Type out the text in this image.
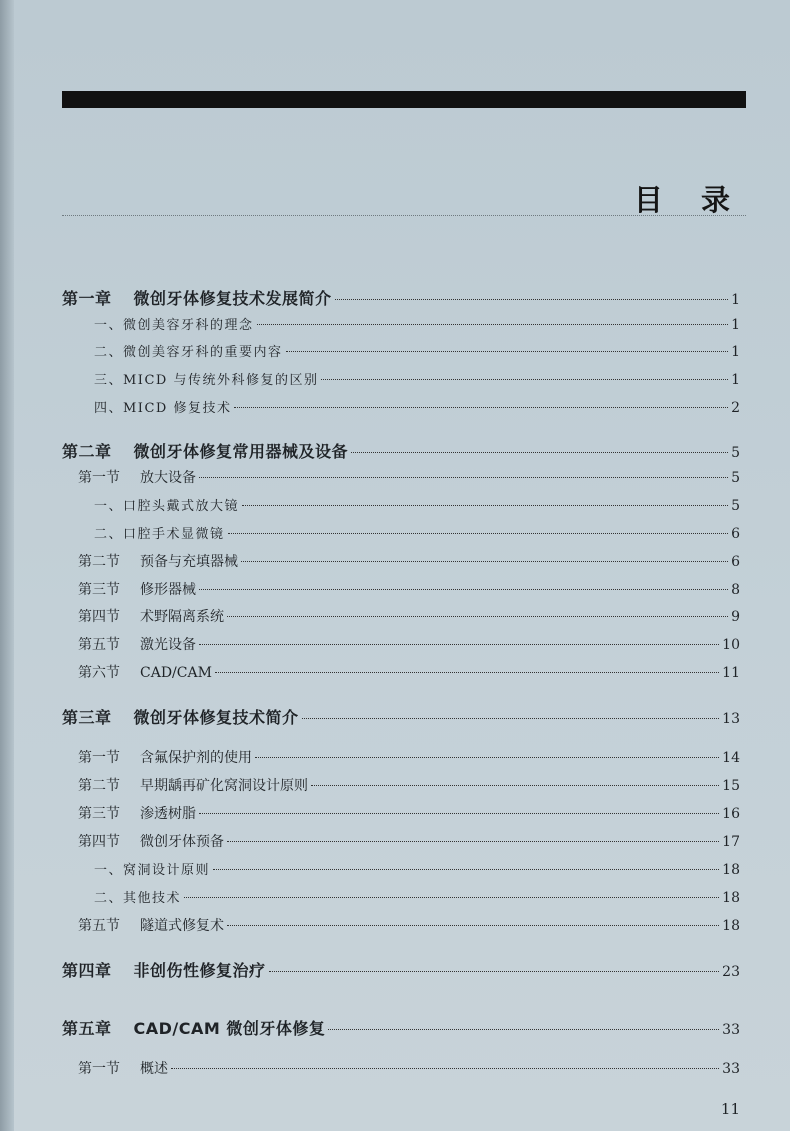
目 录
第一章 微创牙体修复技术发展简介	1
一、微创美容牙科的理念	1
二、微创美容牙科的重要内容	1
三、MICD 与传统外科修复的区别	1
四、MICD 修复技术	2
第二章 微创牙体修复常用器械及设备	5
第一节 放大设备	5
一、口腔头戴式放大镜	5
二、口腔手术显微镜	6
第二节 预备与充填器械	6
第三节 修形器械	8
第四节 术野隔离系统	9
第五节 激光设备	10
第六节 CAD/CAM	11
第三章 微创牙体修复技术简介	13
第一节 含氟保护剂的使用	14
第二节 早期龋再矿化窝洞设计原则	15
第三节 渗透树脂	16
第四节 微创牙体预备	17
一、窝洞设计原则	18
二、其他技术	18
第五节 隧道式修复术	18
第四章 非创伤性修复治疗	23
第五章 CAD/CAM 微创牙体修复	33
第一节 概述	33
11
